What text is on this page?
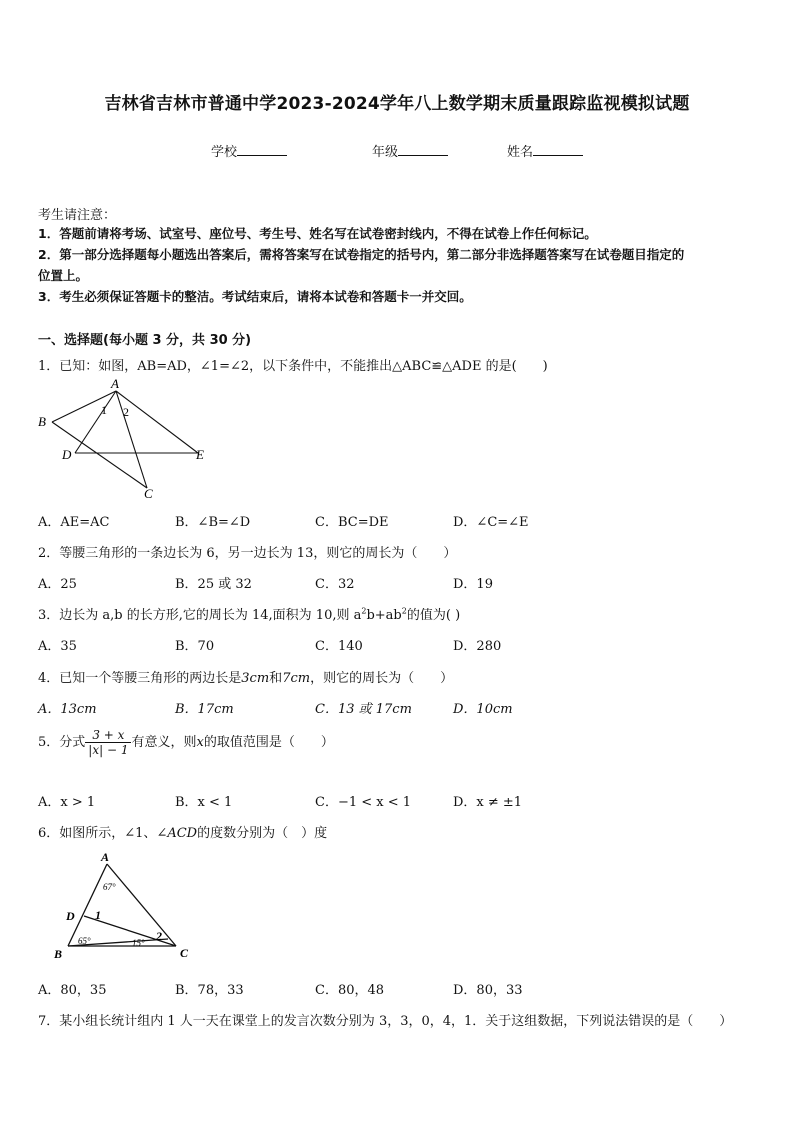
吉林省吉林市普通中学2023-2024学年八上数学期末质量跟踪监视模拟试题
学校	年级	姓名
考生请注意：
1．答题前请将考场、试室号、座位号、考生号、姓名写在试卷密封线内，不得在试卷上作任何标记。
2．第一部分选择题每小题选出答案后，需将答案写在试卷指定的括号内，第二部分非选择题答案写在试卷题目指定的
位置上。
3．考生必须保证答题卡的整洁。考试结束后，请将本试卷和答题卡一并交回。
一、选择题(每小题 3 分，共 30 分)
1．已知：如图，AB=AD，∠1=∠2，以下条件中，不能推出△ABC≌△ADE 的是(　　)
A
B
C
D	E
1 2
A．AE=AC	B．∠B=∠D	C．BC=DE	D．∠C=∠E
2．等腰三角形的一条边长为 6，另一边长为 13，则它的周长为（　　）
A．25	B．25 或 32	C．32	D．19
3．边长为 a,b 的长方形,它的周长为 14,面积为 10,则 $a^2b+ab^2$的值为( )
A．35	B．70	C．140	D．280
4．已知一个等腰三角形的两边长是3cm和7cm，则它的周长为（　　）
A．13cm	B．17cm	C．13 或 17cm	D．10cm
5．分式 $\frac{3 + x}{|x| - 1}$ 有意义，则x的取值范围是（　　）
A．x > 1	B．x < 1	C．−1 < x < 1	D．x ≠ ±1
6．如图所示，∠1、∠ACD的度数分别为（　）度
A
B	C
D 1
2
67°
65°	15°
A．80，35	B．78，33	C．80，48	D．80，33
7．某小组长统计组内 1 人一天在课堂上的发言次数分别为 3，3，0，4，1．关于这组数据，下列说法错误的是（　　）
